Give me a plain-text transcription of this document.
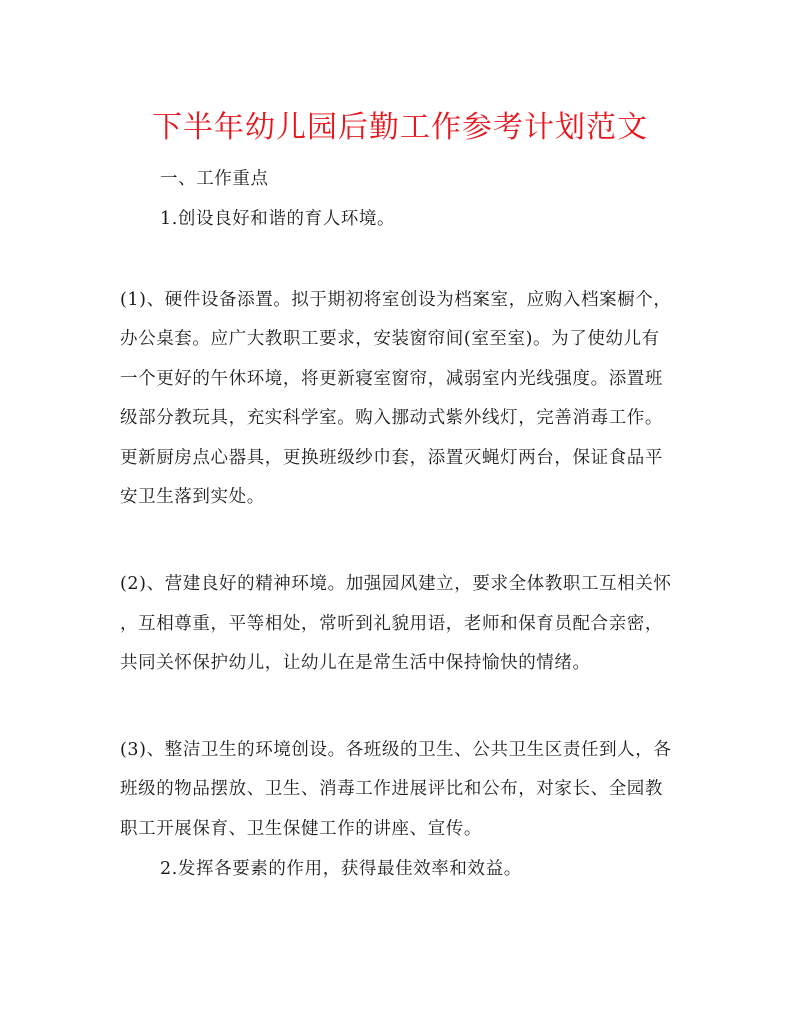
下半年幼儿园后勤工作参考计划范文
一、工作重点
1.创设良好和谐的育人环境。
(1)、硬件设备添置。拟于期初将室创设为档案室，应购入档案橱个，
办公桌套。应广大教职工要求，安装窗帘间(室至室)。为了使幼儿有
一个更好的午休环境，将更新寝室窗帘，减弱室内光线强度。添置班
级部分教玩具，充实科学室。购入挪动式紫外线灯，完善消毒工作。
更新厨房点心器具，更换班级纱巾套，添置灭蝇灯两台，保证食品平
安卫生落到实处。
(2)、营建良好的精神环境。加强园风建立，要求全体教职工互相关怀
，互相尊重，平等相处，常听到礼貌用语，老师和保育员配合亲密，
共同关怀保护幼儿，让幼儿在是常生活中保持愉快的情绪。
(3)、整洁卫生的环境创设。各班级的卫生、公共卫生区责任到人，各
班级的物品摆放、卫生、消毒工作进展评比和公布，对家长、全园教
职工开展保育、卫生保健工作的讲座、宣传。
2.发挥各要素的作用，获得最佳效率和效益。
